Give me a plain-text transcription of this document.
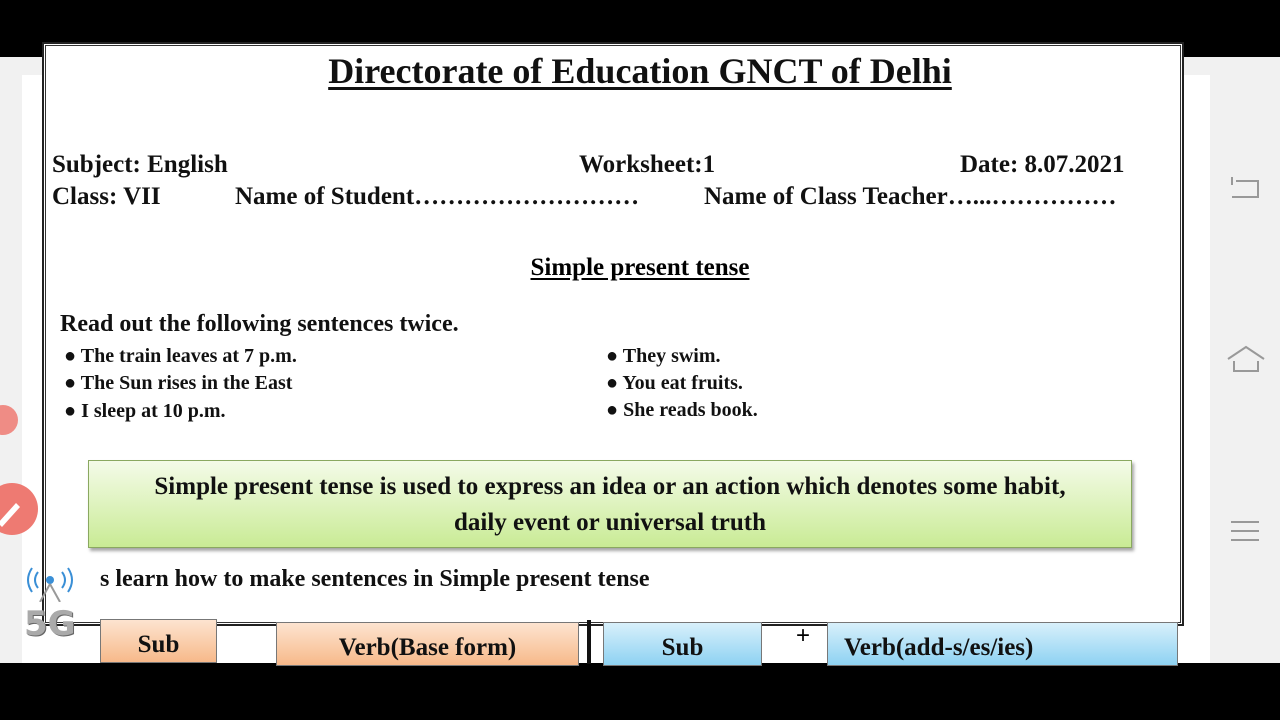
Directorate of Education GNCT of Delhi
Subject: English	Worksheet:1	Date: 8.07.2021
Class: VII	Name of Student………………………	Name of Class Teacher…...……………
Simple present tense
Read out the following sentences twice.
● The train leaves at 7 p.m.
● The Sun rises in the East
● I sleep at 10 p.m.
● They swim.
● You eat fruits.
● She reads book.
Simple present tense is used to express an idea or an action which denotes some habit,
daily event or universal truth
s learn how to make sentences in Simple present tense
Sub	Verb(Base form)	Sub	+	Verb(add-s/es/ies)
5G
